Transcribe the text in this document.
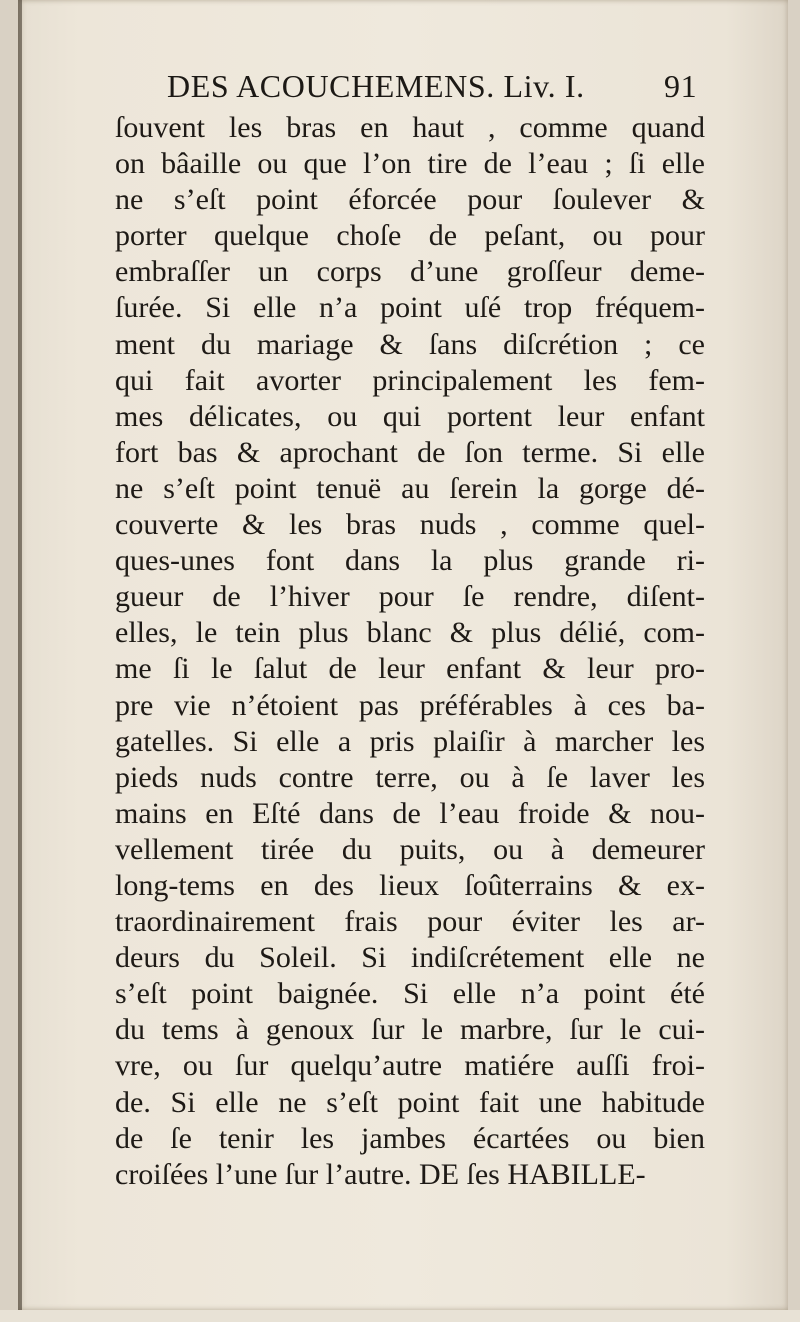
DES ACOUCHEMENS. Liv. I. 91
ſouvent les bras en haut , comme quand
on bâaille ou que l’on tire de l’eau ; ſi elle
ne s’eſt point éforcée pour ſoulever &
porter quelque choſe de peſant, ou pour
embraſſer un corps d’une groſſeur deme-
ſurée. Si elle n’a point uſé trop fréquem-
ment du mariage & ſans diſcrétion ; ce
qui fait avorter principalement les fem-
mes délicates, ou qui portent leur enfant
fort bas & aprochant de ſon terme. Si elle
ne s’eſt point tenuë au ſerein la gorge dé-
couverte & les bras nuds , comme quel-
ques-unes font dans la plus grande ri-
gueur de l’hiver pour ſe rendre, diſent-
elles, le tein plus blanc & plus délié, com-
me ſi le ſalut de leur enfant & leur pro-
pre vie n’étoient pas préférables à ces ba-
gatelles. Si elle a pris plaiſir à marcher les
pieds nuds contre terre, ou à ſe laver les
mains en Eſté dans de l’eau froide & nou-
vellement tirée du puits, ou à demeurer
long-tems en des lieux ſoûterrains & ex-
traordinairement frais pour éviter les ar-
deurs du Soleil. Si indiſcrétement elle ne
s’eſt point baignée. Si elle n’a point été
du tems à genoux ſur le marbre, ſur le cui-
vre, ou ſur quelqu’autre matiére auſſi froi-
de. Si elle ne s’eſt point fait une habitude
de ſe tenir les jambes écartées ou bien
croiſées l’une ſur l’autre. DE ſes HABILLE-
